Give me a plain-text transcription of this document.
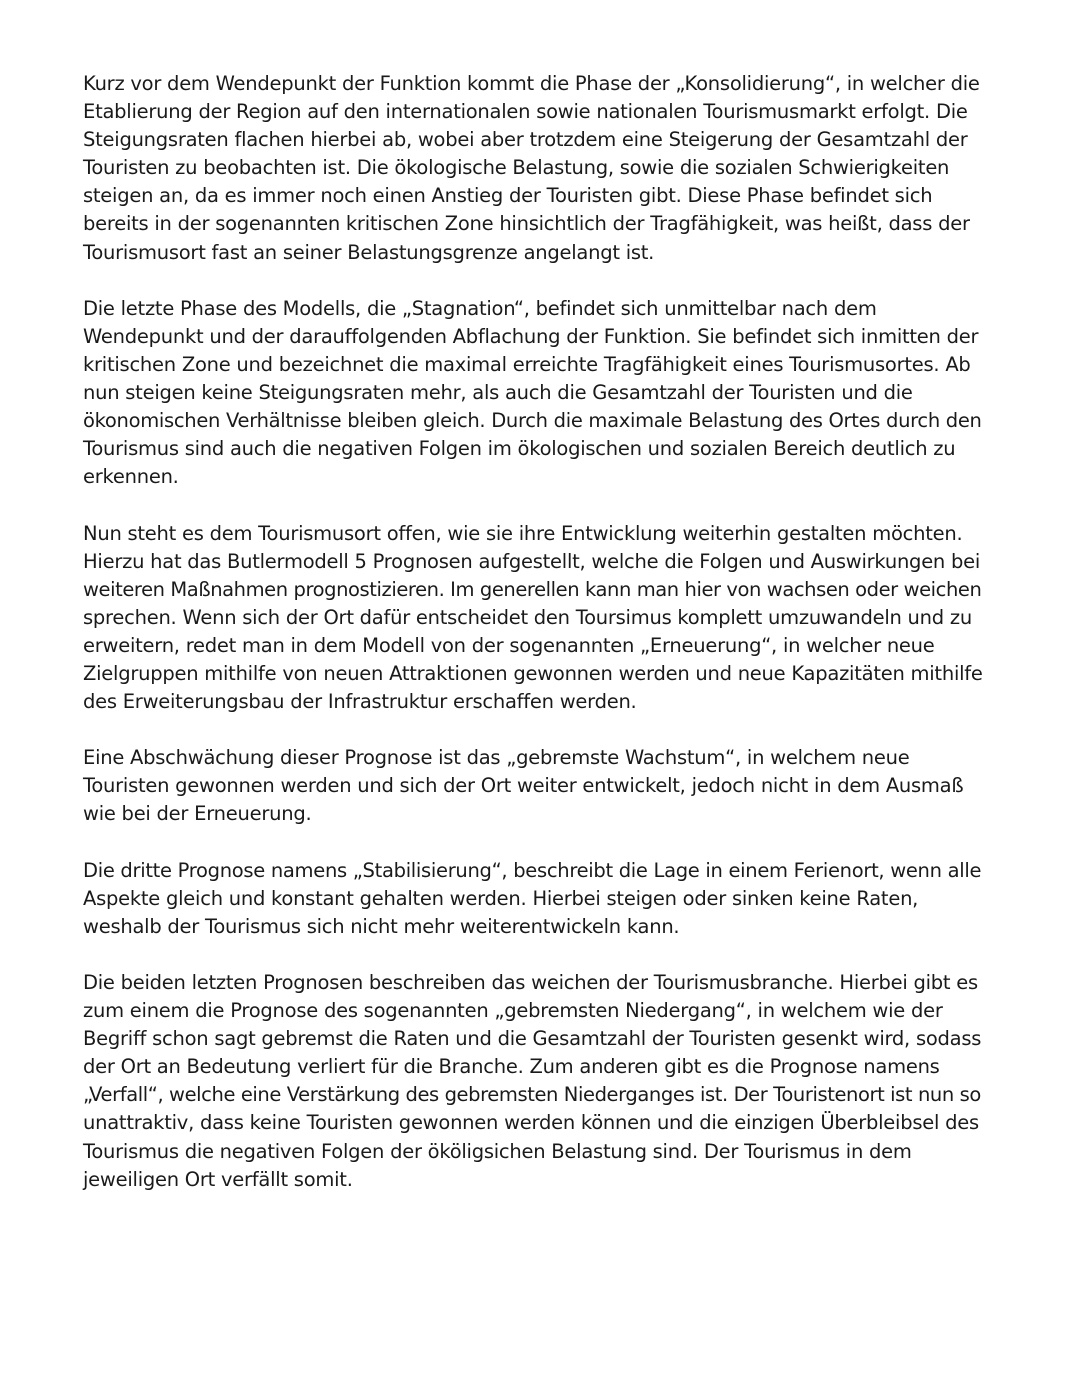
Kurz vor dem Wendepunkt der Funktion kommt die Phase der „Konsolidierung“, in welcher die
Etablierung der Region auf den internationalen sowie nationalen Tourismusmarkt erfolgt. Die
Steigungsraten flachen hierbei ab, wobei aber trotzdem eine Steigerung der Gesamtzahl der
Touristen zu beobachten ist. Die ökologische Belastung, sowie die sozialen Schwierigkeiten
steigen an, da es immer noch einen Anstieg der Touristen gibt. Diese Phase befindet sich
bereits in der sogenannten kritischen Zone hinsichtlich der Tragfähigkeit, was heißt, dass der
Tourismusort fast an seiner Belastungsgrenze angelangt ist.
Die letzte Phase des Modells, die „Stagnation“, befindet sich unmittelbar nach dem
Wendepunkt und der darauffolgenden Abflachung der Funktion. Sie befindet sich inmitten der
kritischen Zone und bezeichnet die maximal erreichte Tragfähigkeit eines Tourismusortes. Ab
nun steigen keine Steigungsraten mehr, als auch die Gesamtzahl der Touristen und die
ökonomischen Verhältnisse bleiben gleich. Durch die maximale Belastung des Ortes durch den
Tourismus sind auch die negativen Folgen im ökologischen und sozialen Bereich deutlich zu
erkennen.
Nun steht es dem Tourismusort offen, wie sie ihre Entwicklung weiterhin gestalten möchten.
Hierzu hat das Butlermodell 5 Prognosen aufgestellt, welche die Folgen und Auswirkungen bei
weiteren Maßnahmen prognostizieren. Im generellen kann man hier von wachsen oder weichen
sprechen. Wenn sich der Ort dafür entscheidet den Toursimus komplett umzuwandeln und zu
erweitern, redet man in dem Modell von der sogenannten „Erneuerung“, in welcher neue
Zielgruppen mithilfe von neuen Attraktionen gewonnen werden und neue Kapazitäten mithilfe
des Erweiterungsbau der Infrastruktur erschaffen werden.
Eine Abschwächung dieser Prognose ist das „gebremste Wachstum“, in welchem neue
Touristen gewonnen werden und sich der Ort weiter entwickelt, jedoch nicht in dem Ausmaß
wie bei der Erneuerung.
Die dritte Prognose namens „Stabilisierung“, beschreibt die Lage in einem Ferienort, wenn alle
Aspekte gleich und konstant gehalten werden. Hierbei steigen oder sinken keine Raten,
weshalb der Tourismus sich nicht mehr weiterentwickeln kann.
Die beiden letzten Prognosen beschreiben das weichen der Tourismusbranche. Hierbei gibt es
zum einem die Prognose des sogenannten „gebremsten Niedergang“, in welchem wie der
Begriff schon sagt gebremst die Raten und die Gesamtzahl der Touristen gesenkt wird, sodass
der Ort an Bedeutung verliert für die Branche. Zum anderen gibt es die Prognose namens
„Verfall“, welche eine Verstärkung des gebremsten Niederganges ist. Der Touristenort ist nun so
unattraktiv, dass keine Touristen gewonnen werden können und die einzigen Überbleibsel des
Tourismus die negativen Folgen der ököligsichen Belastung sind. Der Tourismus in dem
jeweiligen Ort verfällt somit.
